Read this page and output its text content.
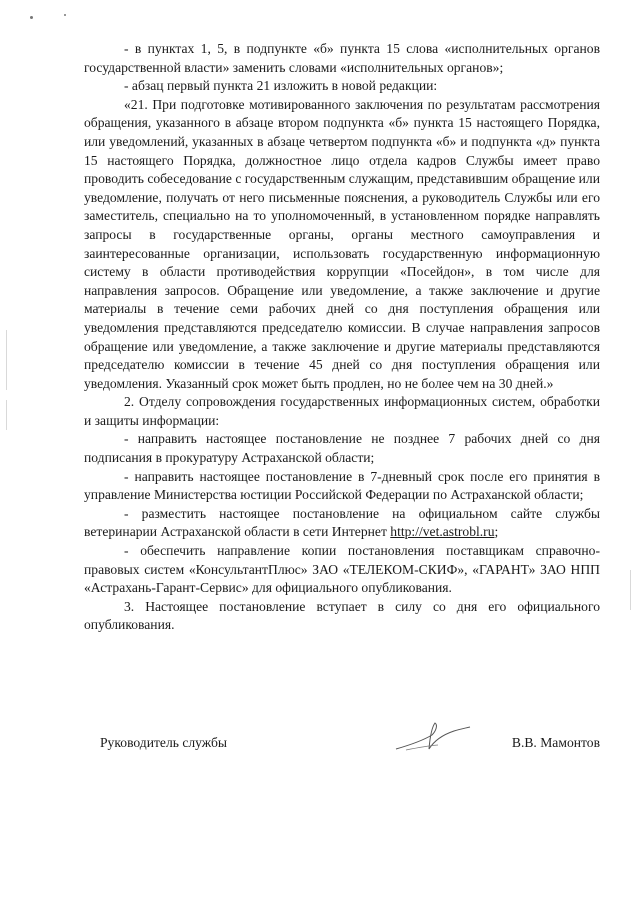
- в пунктах 1, 5, в подпункте «б» пункта 15 слова «исполнительных органов государственной власти» заменить словами «исполнительных органов»;

- абзац первый пункта 21 изложить в новой редакции:

«21. При подготовке мотивированного заключения по результатам рассмотрения обращения, указанного в абзаце втором подпункта «б» пункта 15 настоящего Порядка, или уведомлений, указанных в абзаце четвертом подпункта «б» и подпункта «д» пункта 15 настоящего Порядка, должностное лицо отдела кадров Службы имеет право проводить собеседование с государственным служащим, представившим обращение или уведомление, получать от него письменные пояснения, а руководитель Службы или его заместитель, специально на то уполномоченный, в установленном порядке направлять запросы в государственные органы, органы местного самоуправления и заинтересованные организации, использовать государственную информационную систему в области противодействия коррупции «Посейдон», в том числе для направления запросов. Обращение или уведомление, а также заключение и другие материалы в течение семи рабочих дней со дня поступления обращения или уведомления представляются председателю комиссии. В случае направления запросов обращение или уведомление, а также заключение и другие материалы представляются председателю комиссии в течение 45 дней со дня поступления обращения или уведомления. Указанный срок может быть продлен, но не более чем на 30 дней.»

2. Отделу сопровождения государственных информационных систем, обработки и защиты информации:

- направить настоящее постановление не позднее 7 рабочих дней со дня подписания в прокуратуру Астраханской области;

- направить настоящее постановление в 7-дневный срок после его принятия в управление Министерства юстиции Российской Федерации по Астраханской области;

- разместить настоящее постановление на официальном сайте службы ветеринарии Астраханской области в сети Интернет http://vet.astrobl.ru;

- обеспечить направление копии постановления поставщикам справочно-правовых систем «КонсультантПлюс» ЗАО «ТЕЛЕКОМ-СКИФ», «ГАРАНТ» ЗАО НПП «Астрахань-Гарант-Сервис» для официального опубликования.

3. Настоящее постановление вступает в силу со дня его официального опубликования.

Руководитель службы	В.В. Мамонтов
